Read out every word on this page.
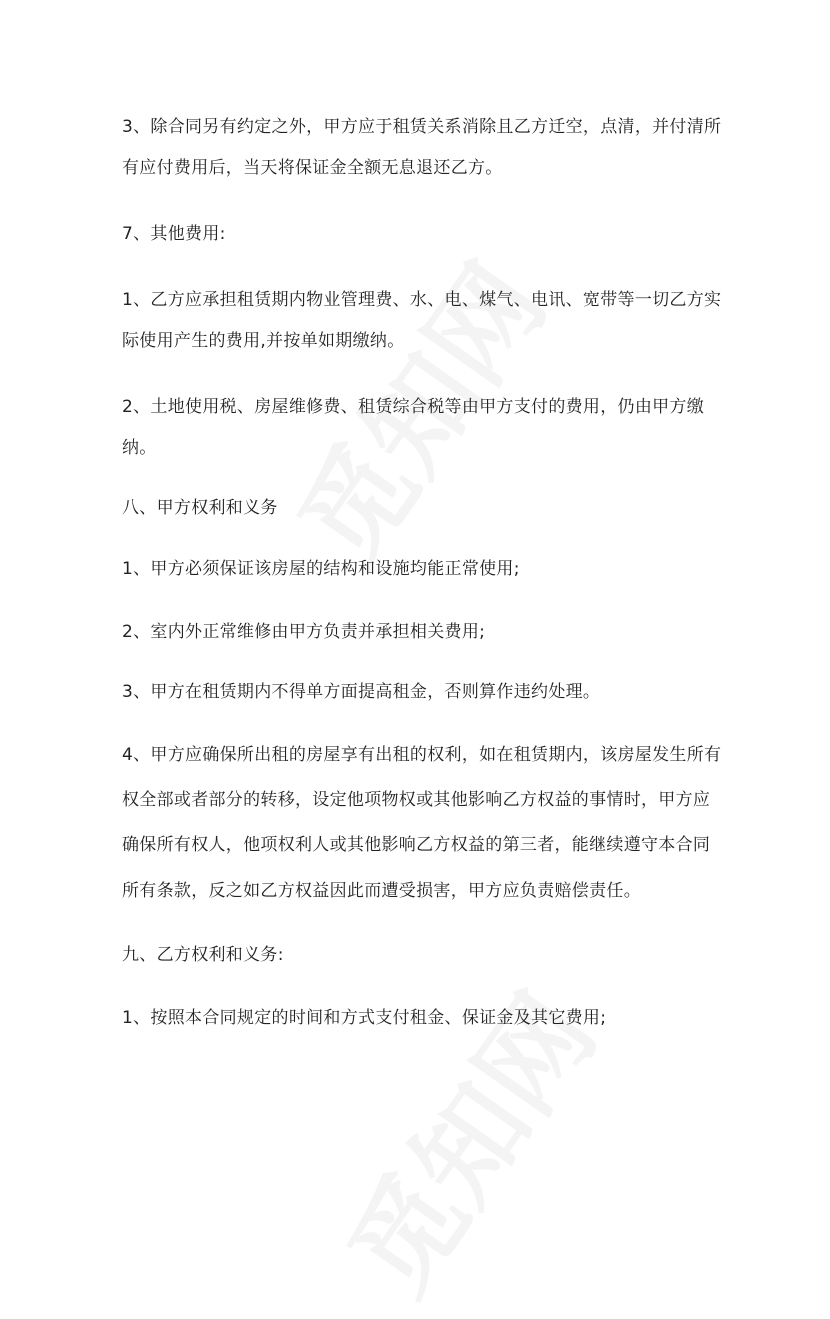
3、除合同另有约定之外，甲方应于租赁关系消除且乙方迁空，点清，并付清所
有应付费用后，当天将保证金全额无息退还乙方。
7、其他费用:
1、乙方应承担租赁期内物业管理费、水、电、煤气、电讯、宽带等一切乙方实
际使用产生的费用,并按单如期缴纳。
2、土地使用税、房屋维修费、租赁综合税等由甲方支付的费用，仍由甲方缴
纳。
八、甲方权利和义务
1、甲方必须保证该房屋的结构和设施均能正常使用;
2、室内外正常维修由甲方负责并承担相关费用;
3、甲方在租赁期内不得单方面提高租金，否则算作违约处理。
4、甲方应确保所出租的房屋享有出租的权利，如在租赁期内，该房屋发生所有
权全部或者部分的转移，设定他项物权或其他影响乙方权益的事情时，甲方应
确保所有权人，他项权利人或其他影响乙方权益的第三者，能继续遵守本合同
所有条款，反之如乙方权益因此而遭受损害，甲方应负责赔偿责任。
九、乙方权利和义务:
1、按照本合同规定的时间和方式支付租金、保证金及其它费用;
